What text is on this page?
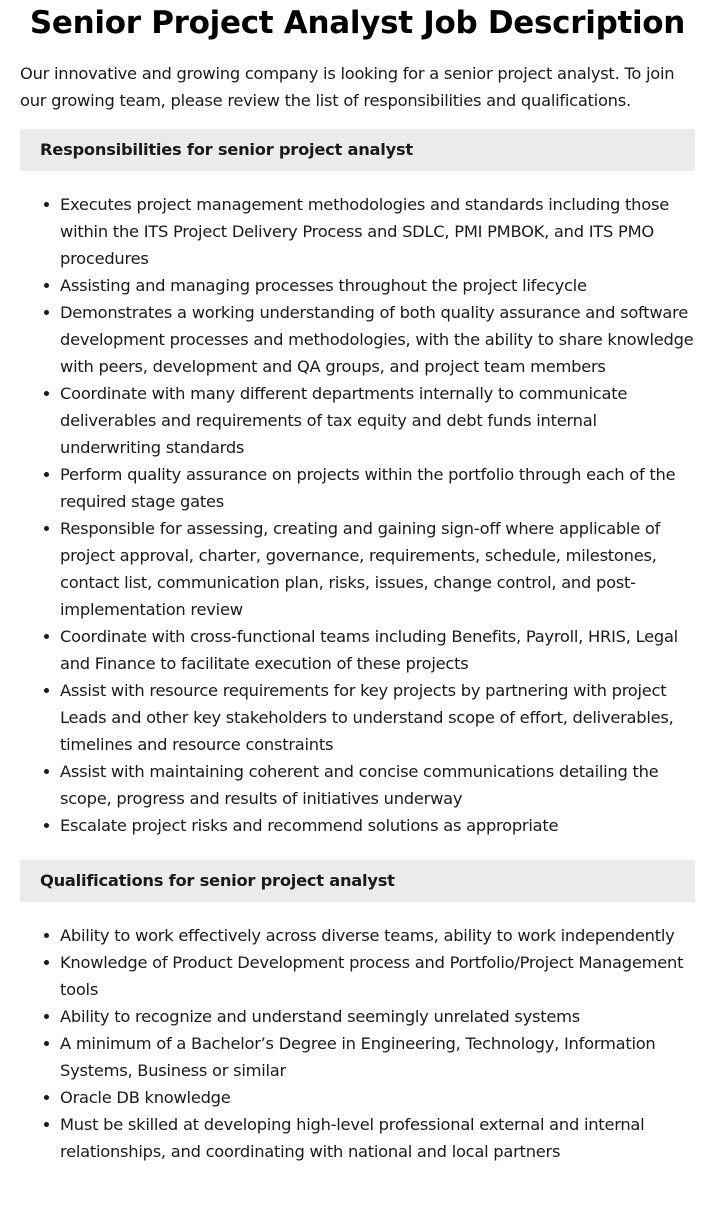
Senior Project Analyst Job Description

Our innovative and growing company is looking for a senior project analyst. To join our growing team, please review the list of responsibilities and qualifications.

Responsibilities for senior project analyst
Executes project management methodologies and standards including those within the ITS Project Delivery Process and SDLC, PMI PMBOK, and ITS PMO procedures
Assisting and managing processes throughout the project lifecycle
Demonstrates a working understanding of both quality assurance and software development processes and methodologies, with the ability to share knowledge with peers, development and QA groups, and project team members
Coordinate with many different departments internally to communicate deliverables and requirements of tax equity and debt funds internal underwriting standards
Perform quality assurance on projects within the portfolio through each of the required stage gates
Responsible for assessing, creating and gaining sign-off where applicable of project approval, charter, governance, requirements, schedule, milestones, contact list, communication plan, risks, issues, change control, and post-implementation review
Coordinate with cross-functional teams including Benefits, Payroll, HRIS, Legal and Finance to facilitate execution of these projects
Assist with resource requirements for key projects by partnering with project Leads and other key stakeholders to understand scope of effort, deliverables, timelines and resource constraints
Assist with maintaining coherent and concise communications detailing the scope, progress and results of initiatives underway
Escalate project risks and recommend solutions as appropriate
Qualifications for senior project analyst
Ability to work effectively across diverse teams, ability to work independently
Knowledge of Product Development process and Portfolio/Project Management tools
Ability to recognize and understand seemingly unrelated systems
A minimum of a Bachelor’s Degree in Engineering, Technology, Information Systems, Business or similar
Oracle DB knowledge
Must be skilled at developing high-level professional external and internal relationships, and coordinating with national and local partners
